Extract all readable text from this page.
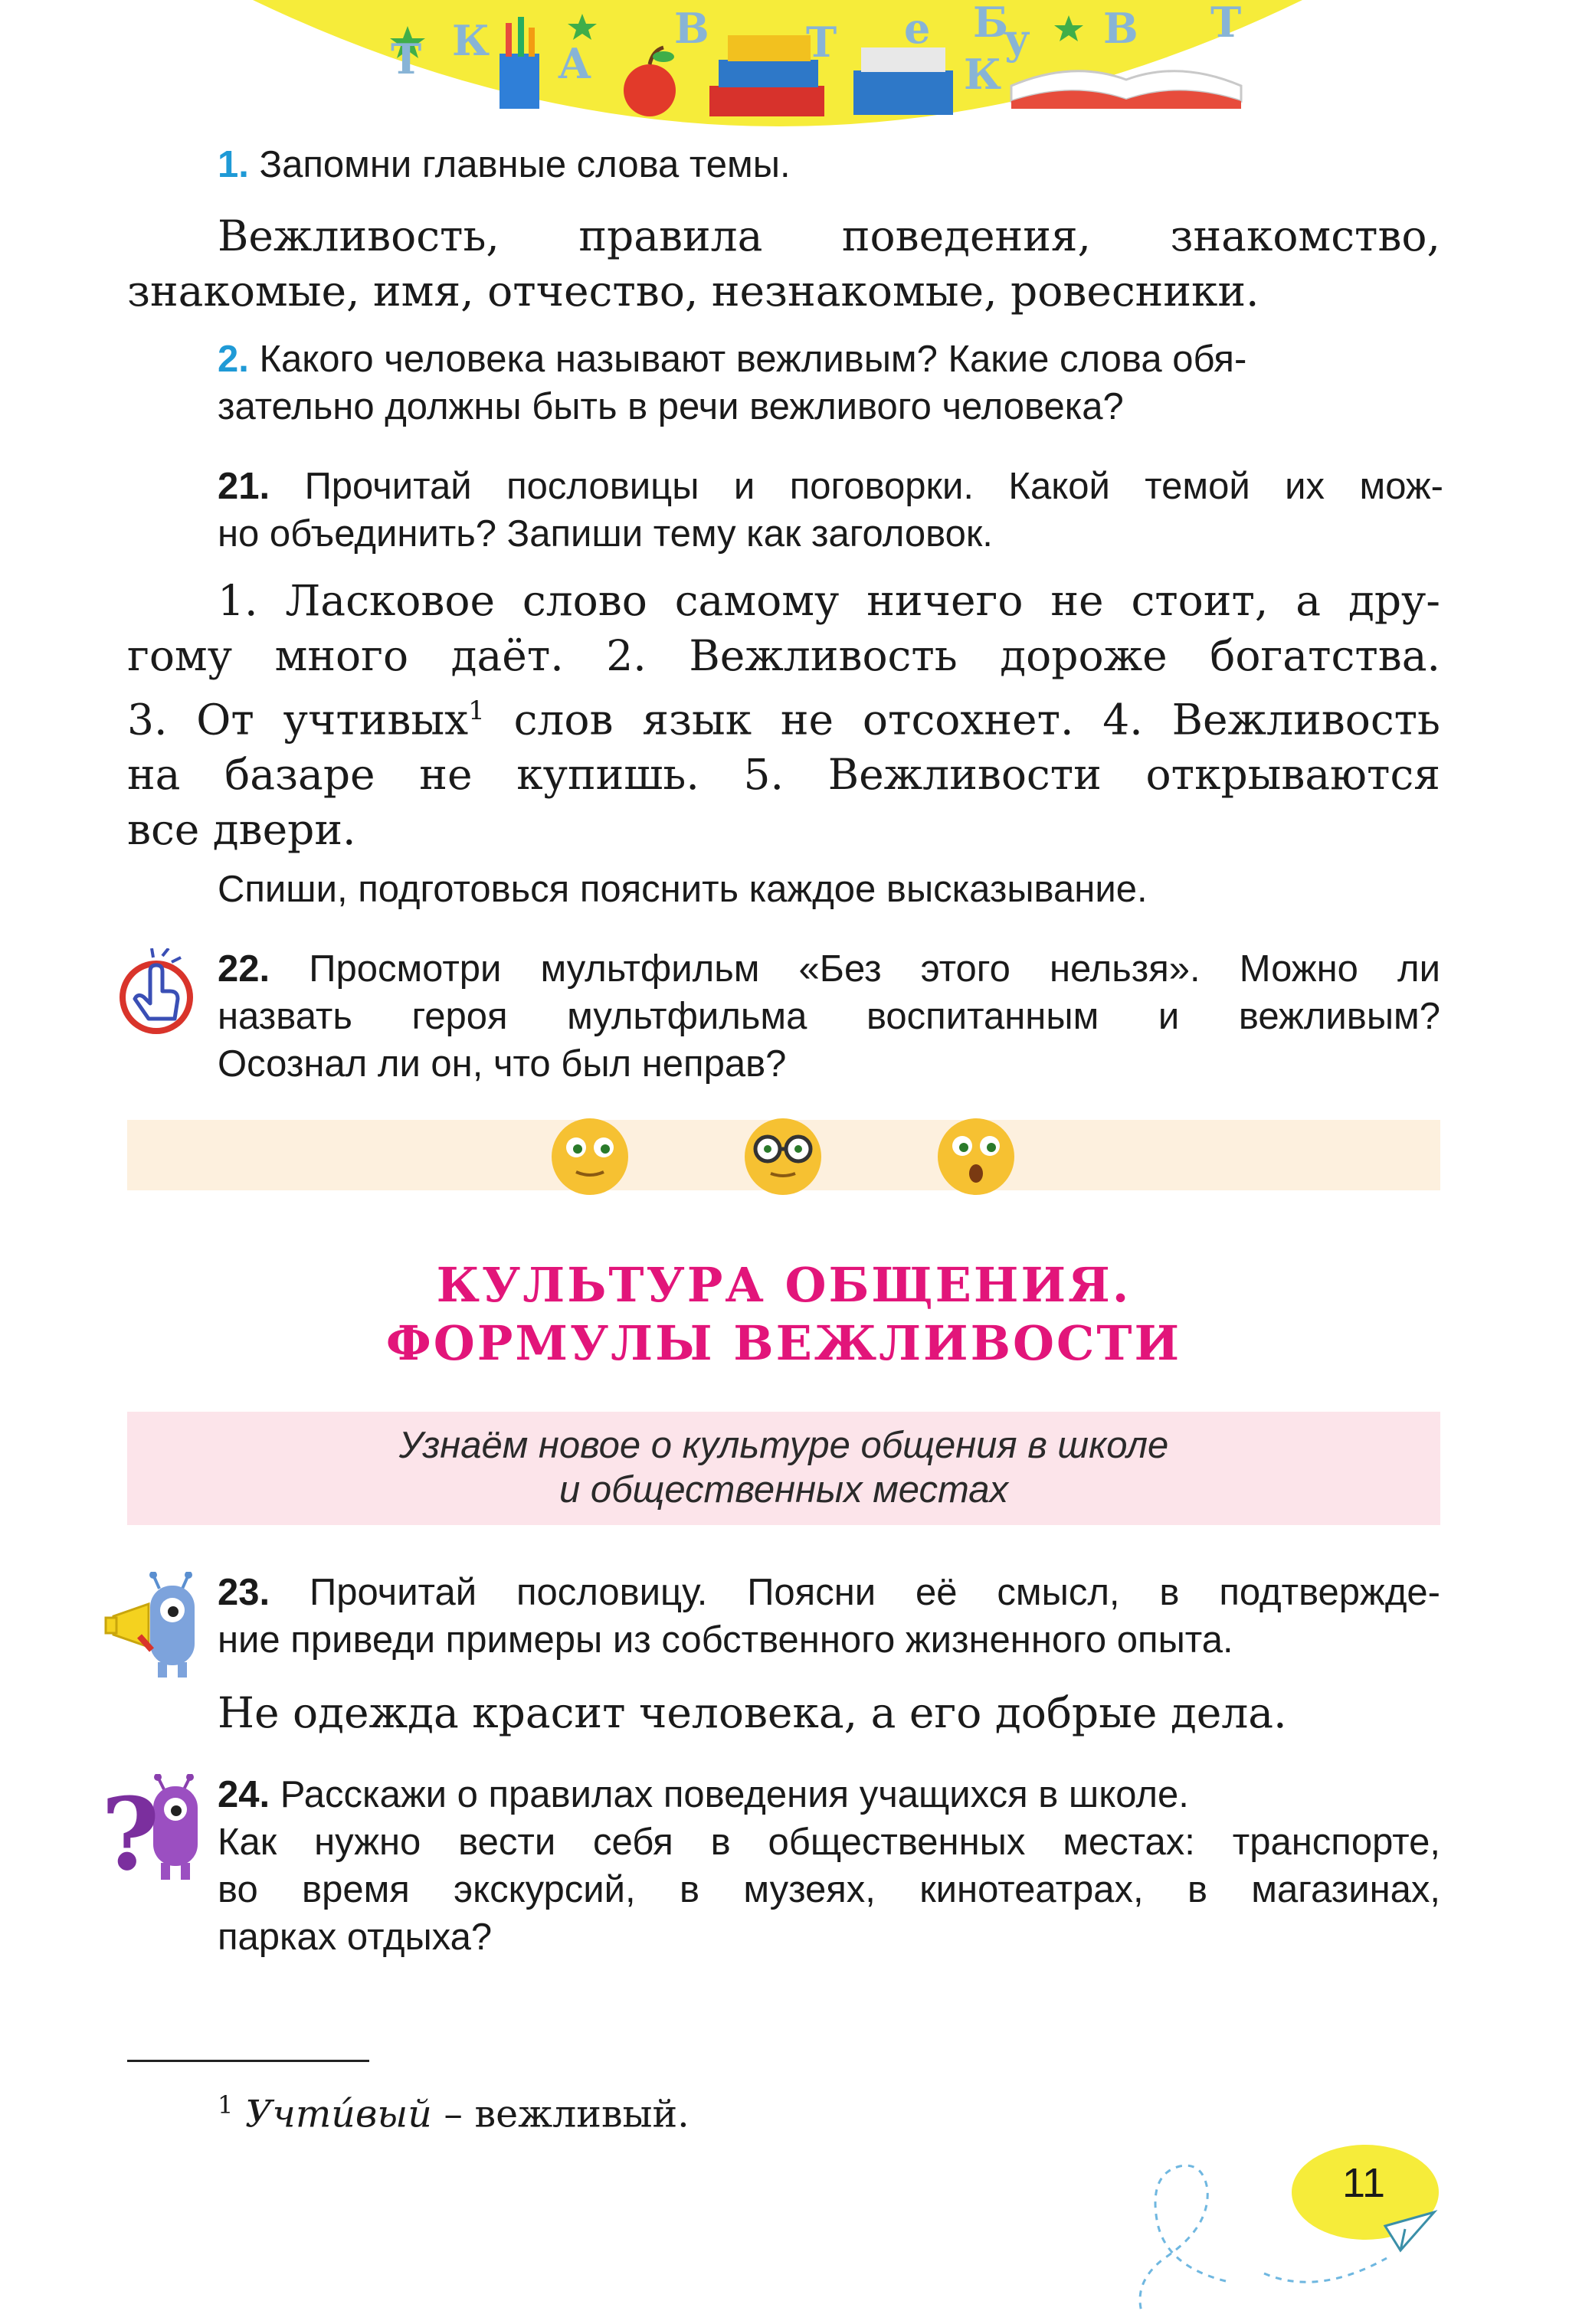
Т К А
В	Б
Т е у
К
В Т
1. Запомни главные слова темы.
Вежливость, правила поведения, знакомство,
знакомые, имя, отчество, незнакомые, ровесники.
2. Какого человека называют вежливым? Какие слова обя-
зательно должны быть в речи вежливого человека?
21. Прочитай пословицы и поговорки. Какой темой их мож-
но объединить? Запиши тему как заголовок.
1. Ласковое слово самому ничего не стоит, а дру-
гому много даёт. 2. Вежливость дороже богатства.
3. От учтивых$^1$ слов язык не отсохнет. 4. Вежливость
на базаре не купишь. 5. Вежливости открываются
все двери.
Спиши, подготовься пояснить каждое высказывание.
22. Просмотри мультфильм «Без этого нельзя». Можно ли
назвать героя мультфильма воспитанным и вежливым?
Осознал ли он, что был неправ?
КУЛЬТУРА ОБЩЕНИЯ.
ФОРМУЛЫ ВЕЖЛИВОСТИ
Узнаём новое о культуре общения в школе
и общественных местах
23. Прочитай пословицу. Поясни её смысл, в подтвержде-
ние приведи примеры из собственного жизненного опыта.
Не одежда красит человека, а его добрые дела.
? 24. Расскажи о правилах поведения учащихся в школе.
Как нужно вести себя в общественных местах: транспорте,
во время экскурсий, в музеях, кинотеатрах, в магазинах,
парках отдыха?
$^1$ Учти́вый – вежливый.
11
